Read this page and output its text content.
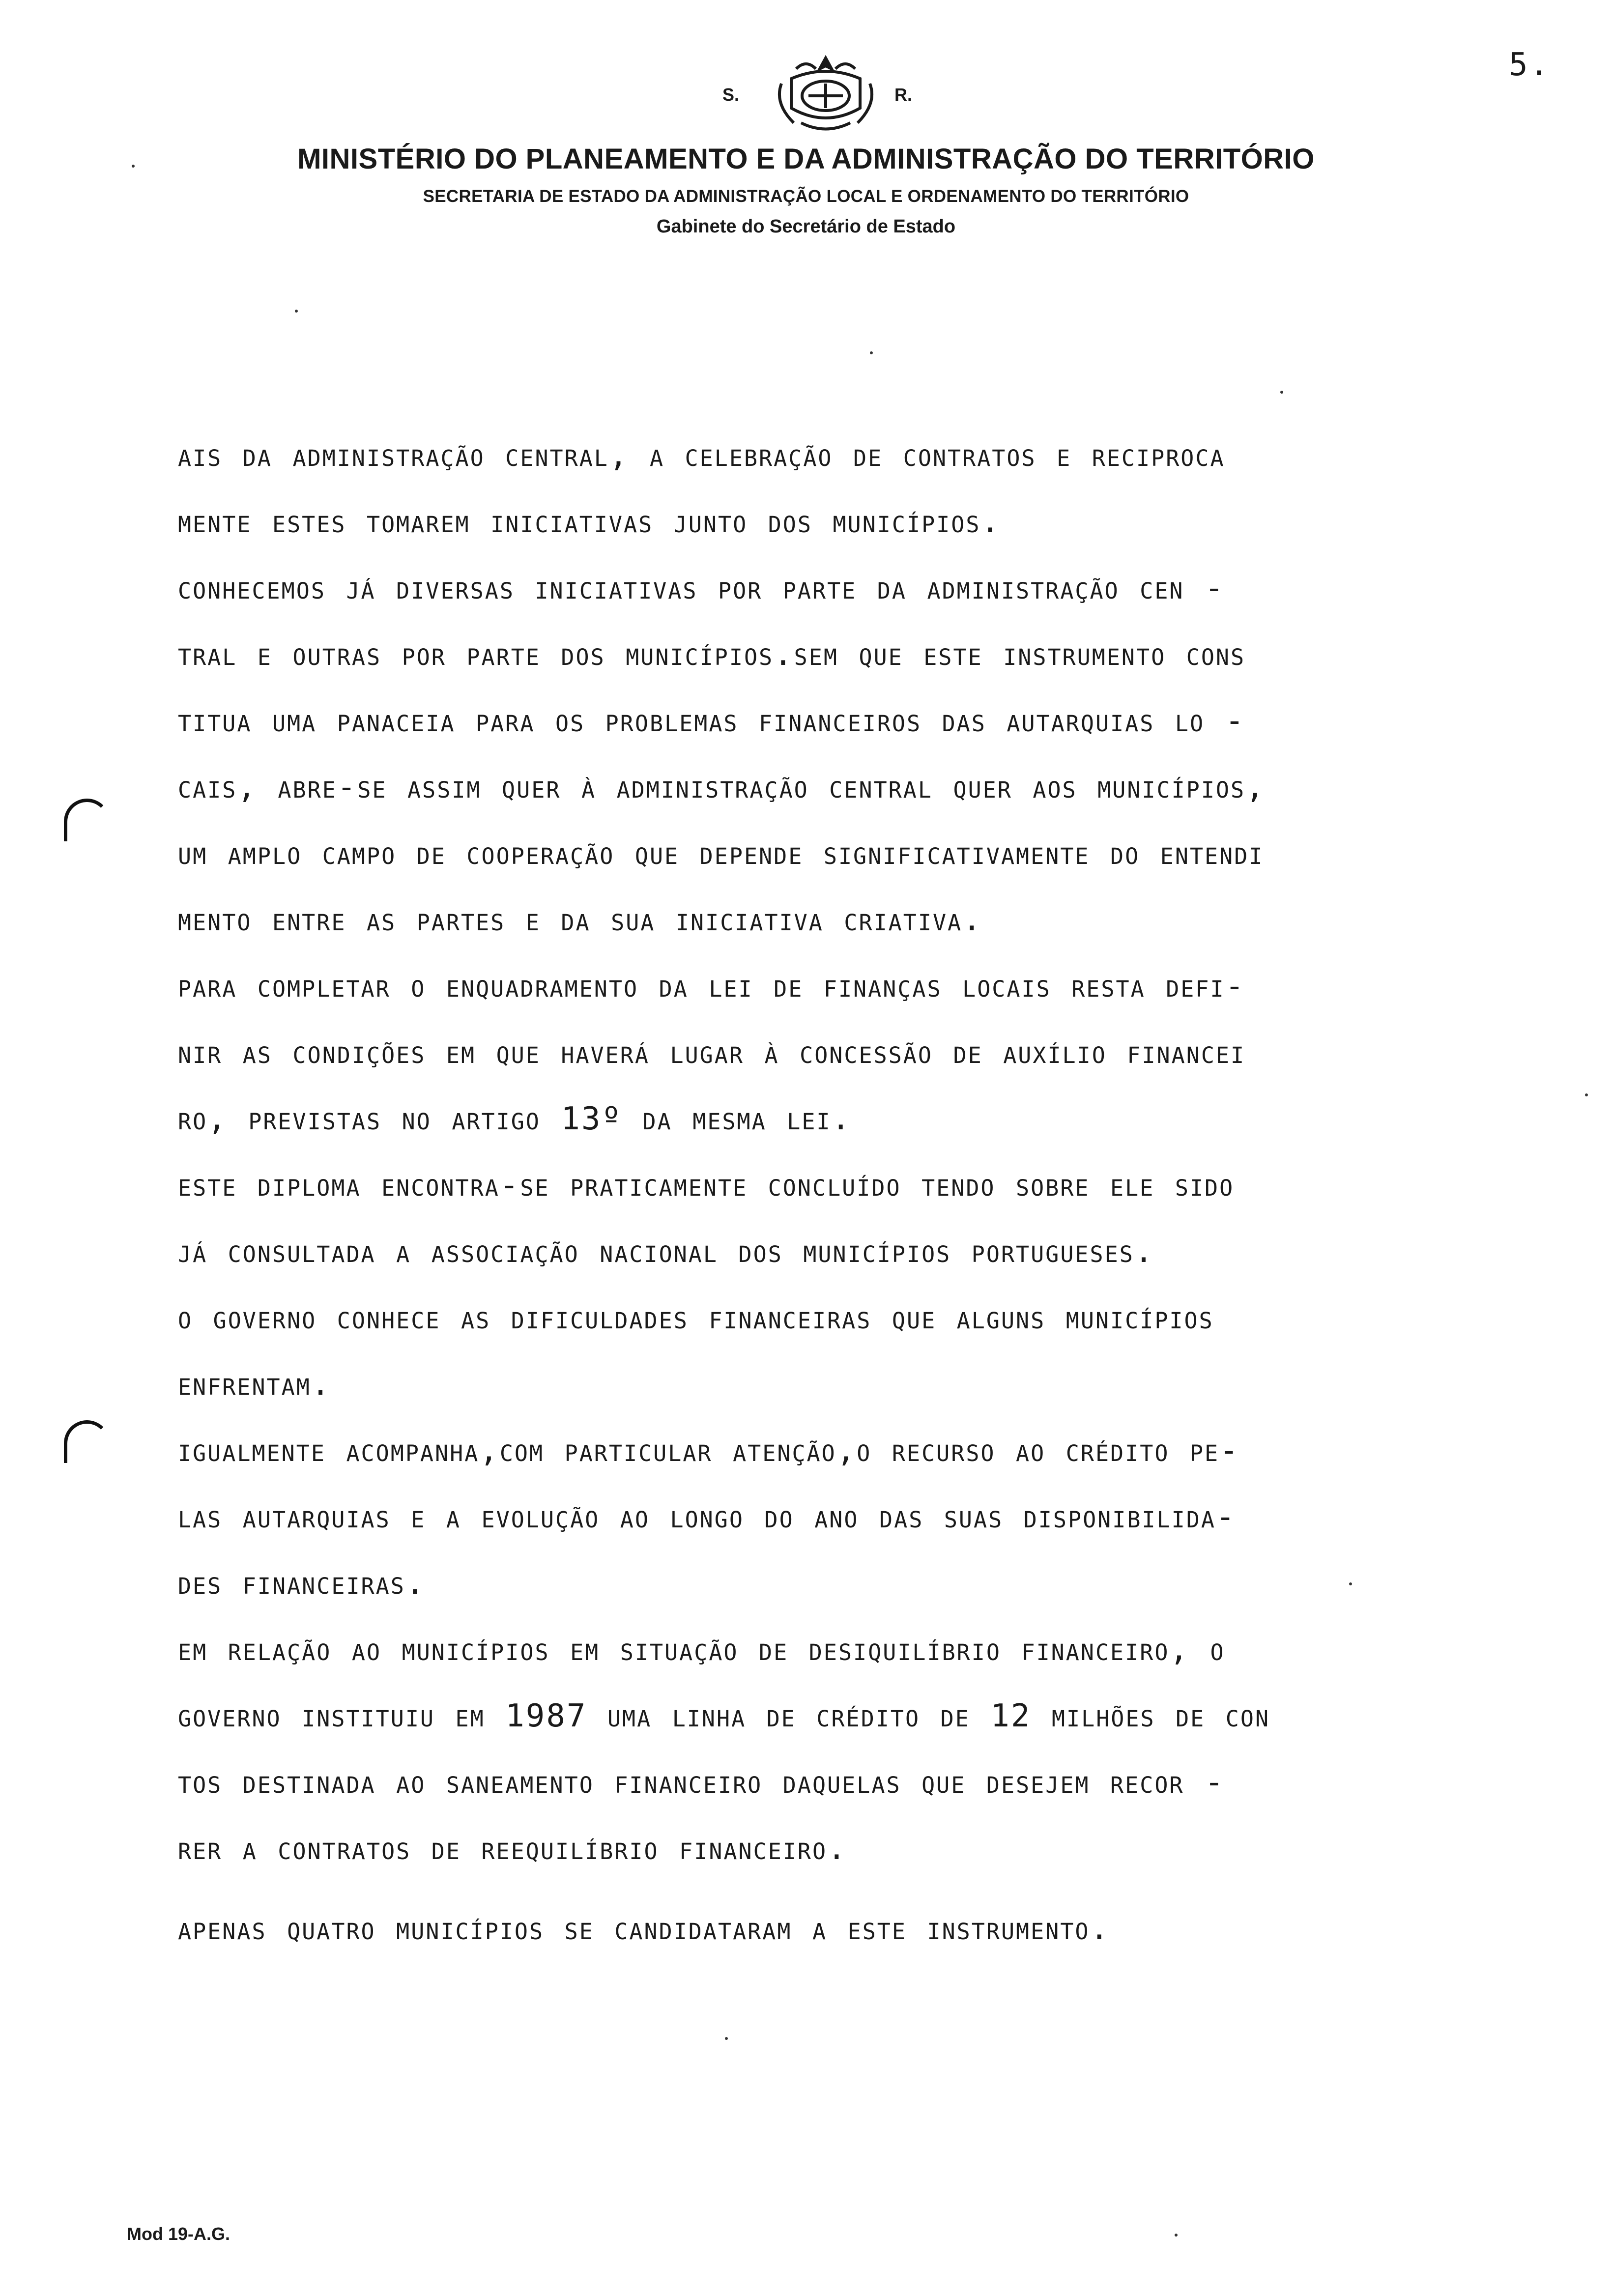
5.
S.	R.
MINISTÉRIO DO PLANEAMENTO E DA ADMINISTRAÇÃO DO TERRITÓRIO
SECRETARIA DE ESTADO DA ADMINISTRAÇÃO LOCAL E ORDENAMENTO DO TERRITÓRIO
Gabinete do Secretário de Estado

ais da administração central, a celebração de contratos e reciproca

mente estes tomarem iniciativas junto dos municípios.

conhecemos já diversas iniciativas por parte da administração cen -

tral e outras por parte dos municípios.sem que este instrumento cons

titua uma panaceia para os problemas financeiros das autarquias lo -

cais, abre-se assim quer à administração central quer aos municípios,

um amplo campo de cooperação que depende significativamente do entendi

mento entre as partes e da sua iniciativa criativa.

para completar o enquadramento da lei de finanças locais resta defi-

nir as condições em que haverá lugar à concessão de auxílio financei

ro, previstas no artigo 13º da mesma lei.

este diploma encontra-se praticamente concluído tendo sobre ele sido

já consultada a associação nacional dos municípios portugueses.

o governo conhece as dificuldades financeiras que alguns municípios

enfrentam.

igualmente acompanha,com particular atenção,o recurso ao crédito pe-

las autarquias e a evolução ao longo do ano das suas disponibilida-

des financeiras.

em relação ao municípios em situação de desiquilíbrio financeiro, o

governo instituiu em 1987 uma linha de crédito de 12 milhões de con

tos destinada ao saneamento financeiro daquelas que desejem recor -

rer a contratos de reequilíbrio financeiro.

apenas quatro municípios se candidataram a este instrumento.

Mod 19-A.G.
